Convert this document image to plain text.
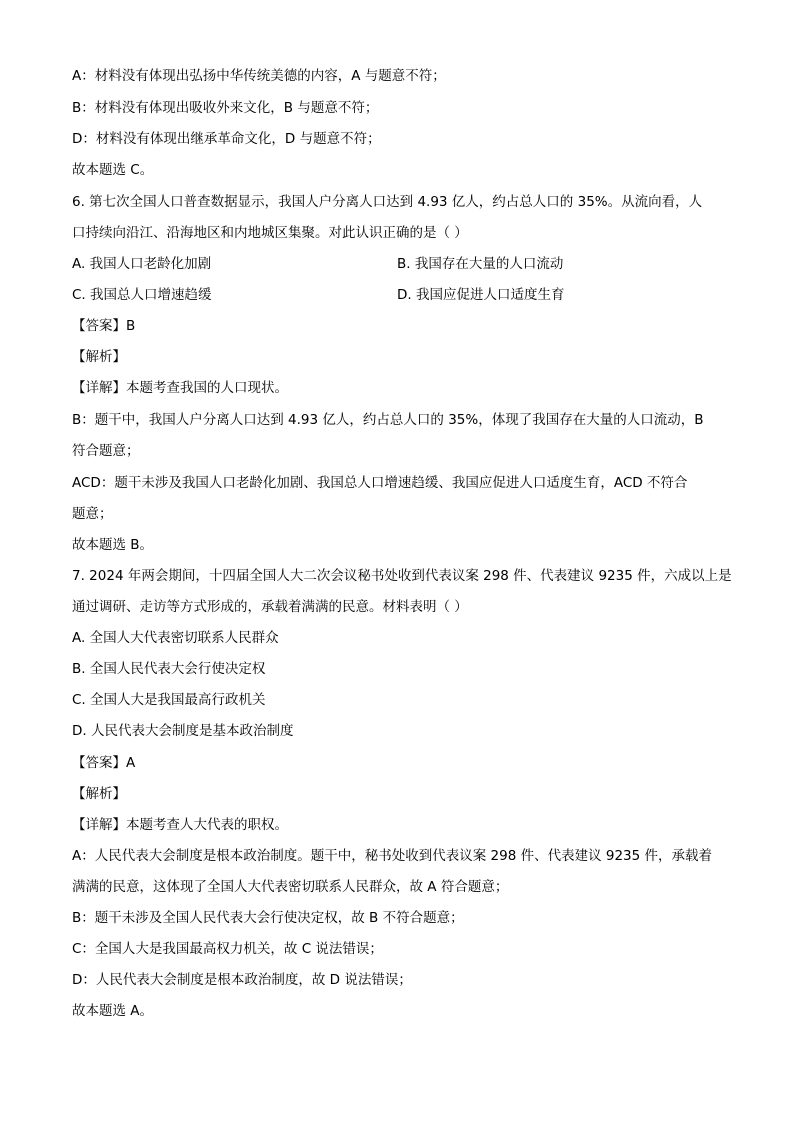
A：材料没有体现出弘扬中华传统美德的内容，A 与题意不符；
B：材料没有体现出吸收外来文化，B 与题意不符；
D：材料没有体现出继承革命文化，D 与题意不符；
故本题选 C。
6. 第七次全国人口普查数据显示，我国人户分离人口达到 4.93 亿人，约占总人口的 35%。从流向看，人
口持续向沿江、沿海地区和内地城区集聚。对此认识正确的是（ ）
A. 我国人口老龄化加剧	B. 我国存在大量的人口流动
C. 我国总人口增速趋缓	D. 我国应促进人口适度生育
【答案】B
【解析】
【详解】本题考查我国的人口现状。
B：题干中，我国人户分离人口达到 4.93 亿人，约占总人口的 35%，体现了我国存在大量的人口流动，B
符合题意；
ACD：题干未涉及我国人口老龄化加剧、我国总人口增速趋缓、我国应促进人口适度生育，ACD 不符合
题意；
故本题选 B。
7. 2024 年两会期间，十四届全国人大二次会议秘书处收到代表议案 298 件、代表建议 9235 件，六成以上是
通过调研、走访等方式形成的，承载着满满的民意。材料表明（ ）
A. 全国人大代表密切联系人民群众
B. 全国人民代表大会行使决定权
C. 全国人大是我国最高行政机关
D. 人民代表大会制度是基本政治制度
【答案】A
【解析】
【详解】本题考查人大代表的职权。
A：人民代表大会制度是根本政治制度。题干中，秘书处收到代表议案 298 件、代表建议 9235 件，承载着
满满的民意，这体现了全国人大代表密切联系人民群众，故 A 符合题意；
B：题干未涉及全国人民代表大会行使决定权，故 B 不符合题意；
C：全国人大是我国最高权力机关，故 C 说法错误；
D：人民代表大会制度是根本政治制度，故 D 说法错误；
故本题选 A。
